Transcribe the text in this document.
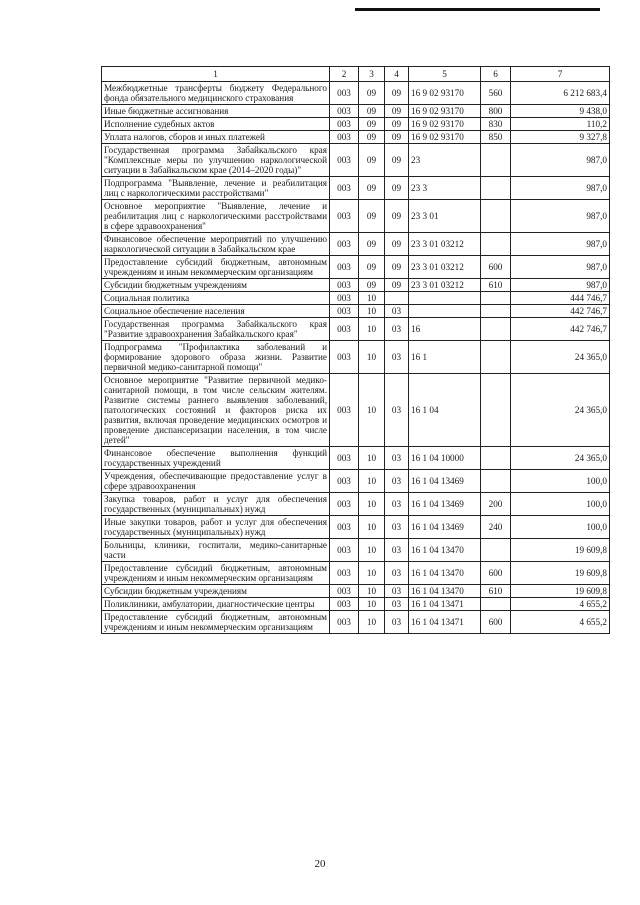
1	2	3	4	5	6	7
Межбюджетные трансферты бюджету Федерального фонда обязательного медицинского страхования	003	09	09	16 9 02 93170	560	6 212 683,4
Иные бюджетные ассигнования	003	09	09	16 9 02 93170	800	9 438,0
Исполнение судебных актов	003	09	09	16 9 02 93170	830	110,2
Уплата налогов, сборов и иных платежей	003	09	09	16 9 02 93170	850	9 327,8
Государственная программа Забайкальского края "Комплексные меры по улучшению наркологической ситуации в Забайкальском крае (2014–2020 годы)"	003	09	09	23		987,0
Подпрограмма "Выявление, лечение и реабилитация лиц с наркологическими расстройствами"	003	09	09	23 3		987,0
Основное мероприятие "Выявление, лечение и реабилитация лиц с наркологическими расстройствами в сфере здравоохранения"	003	09	09	23 3 01		987,0
Финансовое обеспечение мероприятий по улучшению наркологической ситуации в Забайкальском крае	003	09	09	23 3 01 03212		987,0
Предоставление субсидий бюджетным, автономным учреждениям и иным некоммерческим организациям	003	09	09	23 3 01 03212	600	987,0
Субсидии бюджетным учреждениям	003	09	09	23 3 01 03212	610	987,0
Социальная политика	003	10				444 746,7
Социальное обеспечение населения	003	10	03			442 746,7
Государственная программа Забайкальского края "Развитие здравоохранения Забайкальского края"	003	10	03	16		442 746,7
Подпрограмма "Профилактика заболеваний и формирование здорового образа жизни. Развитие первичной медико-санитарной помощи"	003	10	03	16 1		24 365,0
Основное мероприятие "Развитие первичной медико-санитарной помощи, в том числе сельским жителям. Развитие системы раннего выявления заболеваний, патологических состояний и факторов риска их развития, включая проведение медицинских осмотров и проведение диспансеризации населения, в том числе детей"	003	10	03	16 1 04		24 365,0
Финансовое обеспечение выполнения функций государственных учреждений	003	10	03	16 1 04 10000		24 365,0
Учреждения, обеспечивающие предоставление услуг в сфере здравоохранения	003	10	03	16 1 04 13469		100,0
Закупка товаров, работ и услуг для обеспечения государственных (муниципальных) нужд	003	10	03	16 1 04 13469	200	100,0
Иные закупки товаров, работ и услуг для обеспечения государственных (муниципальных) нужд	003	10	03	16 1 04 13469	240	100,0
Больницы, клиники, госпитали, медико-санитарные части	003	10	03	16 1 04 13470		19 609,8
Предоставление субсидий бюджетным, автономным учреждениям и иным некоммерческим организациям	003	10	03	16 1 04 13470	600	19 609,8
Субсидии бюджетным учреждениям	003	10	03	16 1 04 13470	610	19 609,8
Поликлиники, амбулатории, диагностические центры	003	10	03	16 1 04 13471		4 655,2
Предоставление субсидий бюджетным, автономным учреждениям и иным некоммерческим организациям	003	10	03	16 1 04 13471	600	4 655,2
20
